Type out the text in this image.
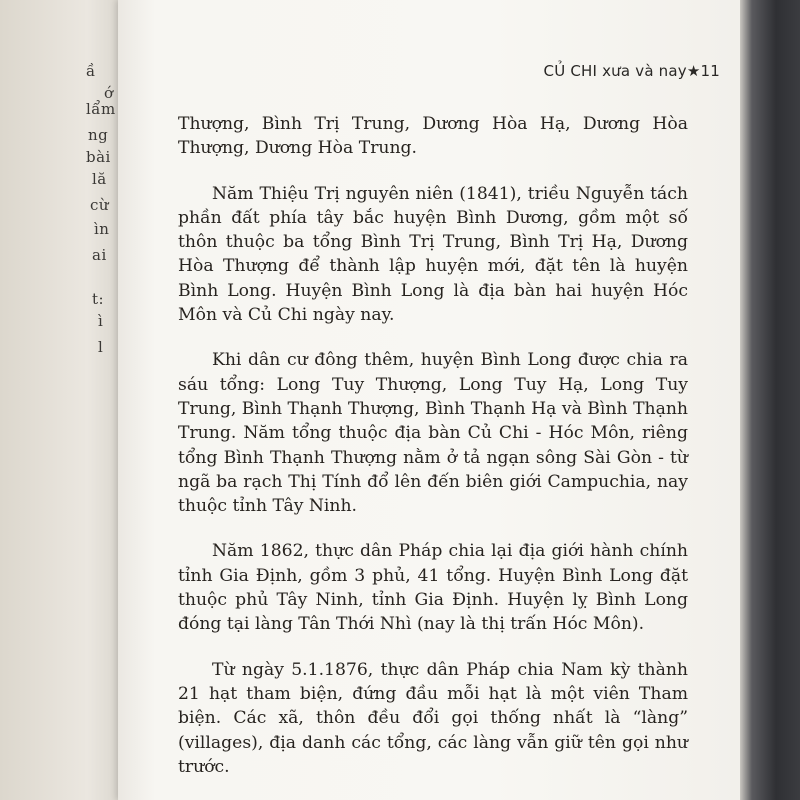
ầ
ớ
lẩm
ng
bài
lă
cừ
ìn
ai
t:
ì
l
CỦ CHI xưa và nay★11

Thượng, Bình Trị Trung, Dương Hòa Hạ, Dương Hòa Thượng, Dương Hòa Trung.

Năm Thiệu Trị nguyên niên (1841), triều Nguyễn tách phần đất phía tây bắc huyện Bình Dương, gồm một số thôn thuộc ba tổng Bình Trị Trung, Bình Trị Hạ, Dương Hòa Thượng để thành lập huyện mới, đặt tên là huyện Bình Long. Huyện Bình Long là địa bàn hai huyện Hóc Môn và Củ Chi ngày nay.

Khi dân cư đông thêm, huyện Bình Long được chia ra sáu tổng: Long Tuy Thượng, Long Tuy Hạ, Long Tuy Trung, Bình Thạnh Thượng, Bình Thạnh Hạ và Bình Thạnh Trung. Năm tổng thuộc địa bàn Củ Chi - Hóc Môn, riêng tổng Bình Thạnh Thượng nằm ở tả ngạn sông Sài Gòn - từ ngã ba rạch Thị Tính đổ lên đến biên giới Campuchia, nay thuộc tỉnh Tây Ninh.

Năm 1862, thực dân Pháp chia lại địa giới hành chính tỉnh Gia Định, gồm 3 phủ, 41 tổng. Huyện Bình Long đặt thuộc phủ Tây Ninh, tỉnh Gia Định. Huyện lỵ Bình Long đóng tại làng Tân Thới Nhì (nay là thị trấn Hóc Môn).

Từ ngày 5.1.1876, thực dân Pháp chia Nam kỳ thành 21 hạt tham biện, đứng đầu mỗi hạt là một viên Tham biện. Các xã, thôn đều đổi gọi thống nhất là “làng” (villages), địa danh các tổng, các làng vẫn giữ tên gọi như trước.
